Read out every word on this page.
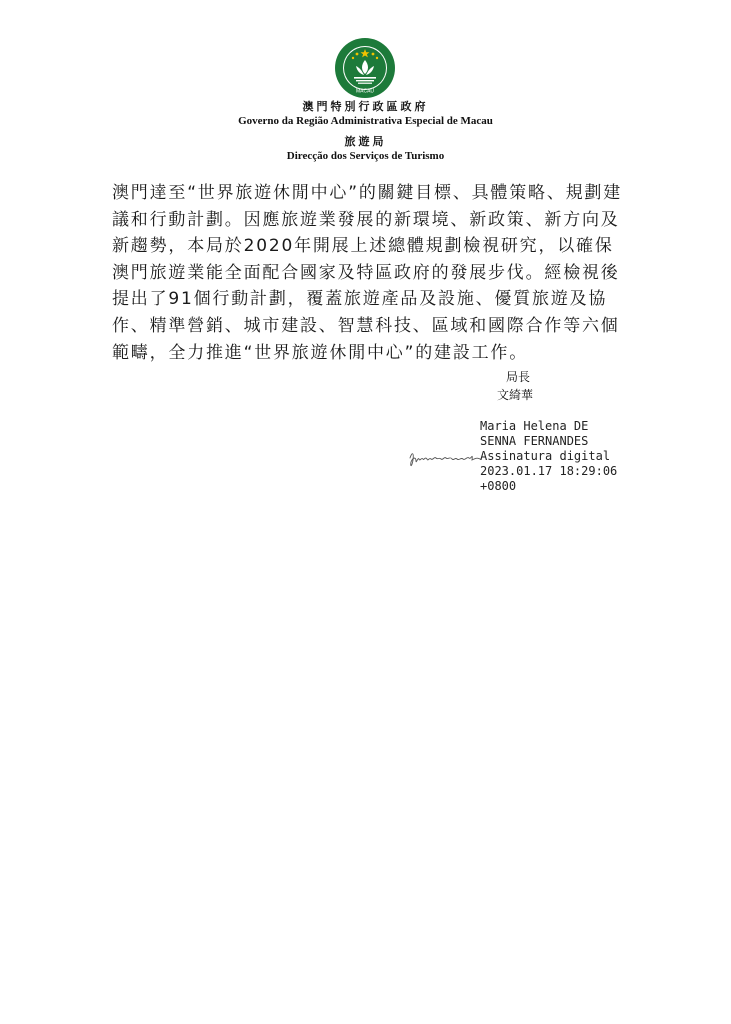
MACAU
澳門特別行政區政府
Governo da Região Administrativa Especial de Macau
旅遊局
Direcção dos Serviços de Turismo
澳門達至“世界旅遊休閒中心”的關鍵目標、具體策略、規劃建議和行動計劃。因應旅遊業發展的新環境、新政策、新方向及新趨勢，本局於2020年開展上述總體規劃檢視研究，以確保澳門旅遊業能全面配合國家及特區政府的發展步伐。經檢視後提出了91個行動計劃，覆蓋旅遊產品及設施、優質旅遊及協作、精準營銷、城市建設、智慧科技、區域和國際合作等六個範疇，全力推進“世界旅遊休閒中心”的建設工作。
局長
文綺華
Maria Helena DE
SENNA FERNANDES
Assinatura digital
2023.01.17 18:29:06
+0800
